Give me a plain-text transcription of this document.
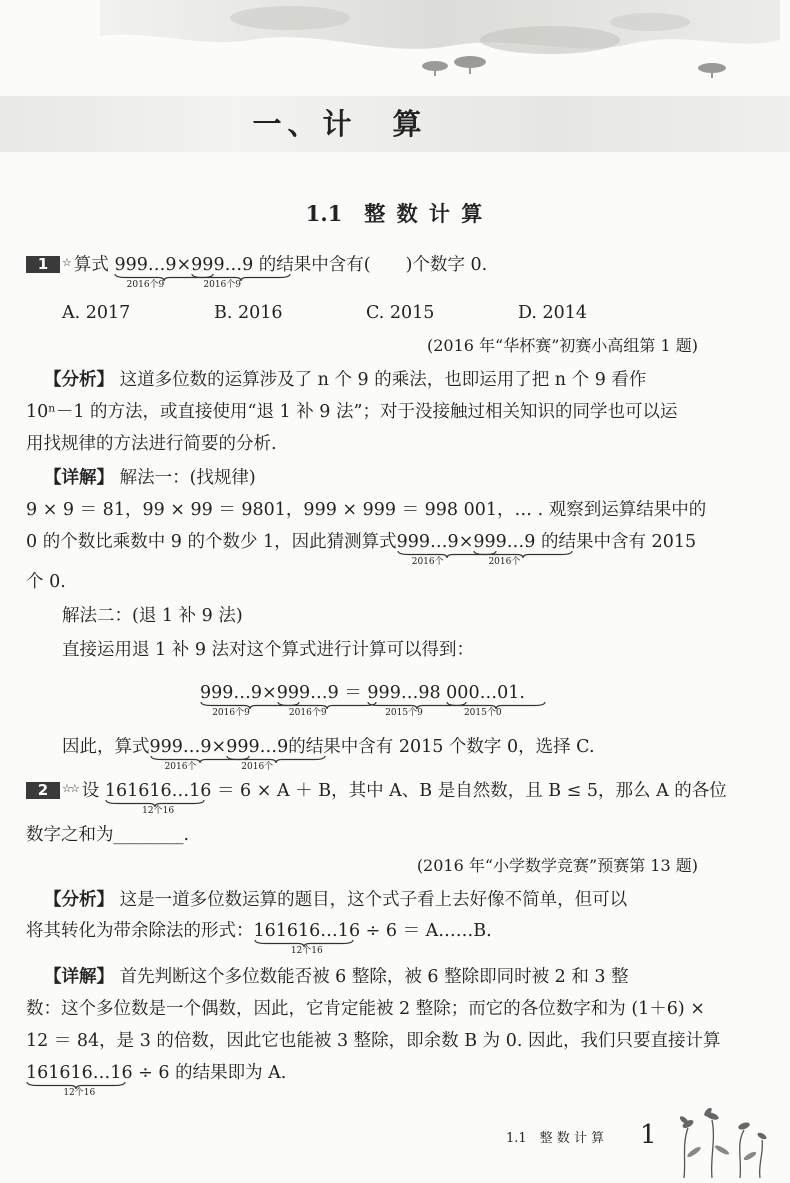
一、计　算
1.1 整 数 计 算
1 ☆ 算式 999…9
2016个9
× 999…9
2016个9
的结果中含有(　　)个数字 0.
A. 2017	B. 2016	C. 2015	D. 2014
(2016 年“华杯赛”初赛小高组第 1 题)
【分析】 这道多位数的运算涉及了 n 个 9 的乘法，也即运用了把 n 个 9 看作
10ⁿ－1 的方法，或直接使用“退 1 补 9 法”；对于没接触过相关知识的同学也可以运
用找规律的方法进行简要的分析.
【详解】 解法一：(找规律)
9 × 9 ＝ 81，99 × 99 ＝ 9801，999 × 999 ＝ 998 001，… . 观察到运算结果中的
0 的个数比乘数中 9 的个数少 1，因此猜测算式 999…9
2016个
× 999…9
2016个
的结果中含有 2015
个 0.
解法二：(退 1 补 9 法)
直接运用退 1 补 9 法对这个算式进行计算可以得到：
999…9
2016个9
× 999…9
2016个9
＝ 999…98
2015个9

000…01
2015个0
.
因此，算式 999…9
2016个
× 999…9
2016个
的结果中含有 2015 个数字 0，选择 C.
2 ☆☆ 设 161616…16
12个16
＝ 6 × A ＋ B，其中 A、B 是自然数，且 B ≤ 5，那么 A 的各位
数字之和为________.
(2016 年“小学数学竞赛”预赛第 13 题)
【分析】 这是一道多位数运算的题目，这个式子看上去好像不简单，但可以
将其转化为带余除法的形式： 161616…16
12个16
÷ 6 ＝ A……B.
【详解】 首先判断这个多位数能否被 6 整除，被 6 整除即同时被 2 和 3 整
数：这个多位数是一个偶数，因此，它肯定能被 2 整除；而它的各位数字和为 (1＋6) ×
12 ＝ 84，是 3 的倍数，因此它也能被 3 整除，即余数 B 为 0. 因此，我们只要直接计算
161616…16
12个16
÷ 6 的结果即为 A.
1.1　整 数 计 算 1
